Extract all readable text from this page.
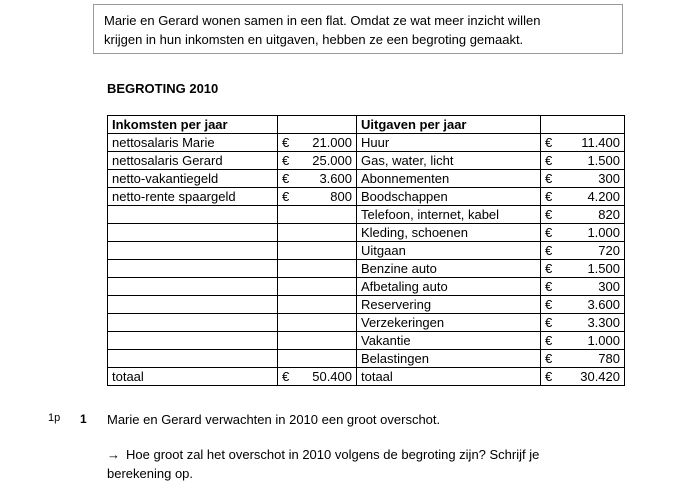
Marie en Gerard wonen samen in een flat. Omdat ze wat meer inzicht willen

krijgen in hun inkomsten en uitgaven, hebben ze een begroting gemaakt.

BEGROTING 2010
Inkomsten per jaar		Uitgaven per jaar	
nettosalaris Marie	€ 21.000	Huur	€ 11.400

nettosalaris Gerard	€ 25.000	Gas, water, licht	€ 1.500

netto-vakantiegeld	€ 3.600	Abonnementen	€ 300

netto-rente spaargeld	€ 800	Boodschappen	€ 4.200

		Telefoon, internet, kabel	€ 820

		Kleding, schoenen	€ 1.000

		Uitgaan	€ 720

		Benzine auto	€ 1.500

		Afbetaling auto	€ 300

		Reservering	€ 3.600

		Verzekeringen	€ 3.300

		Vakantie	€ 1.000

		Belastingen	€ 780

totaal	€ 50.400	totaal	€ 30.420
1p 1 Marie en Gerard verwachten in 2010 een groot overschot.
→ Hoe groot zal het overschot in 2010 volgens de begroting zijn? Schrijf je
berekening op.
